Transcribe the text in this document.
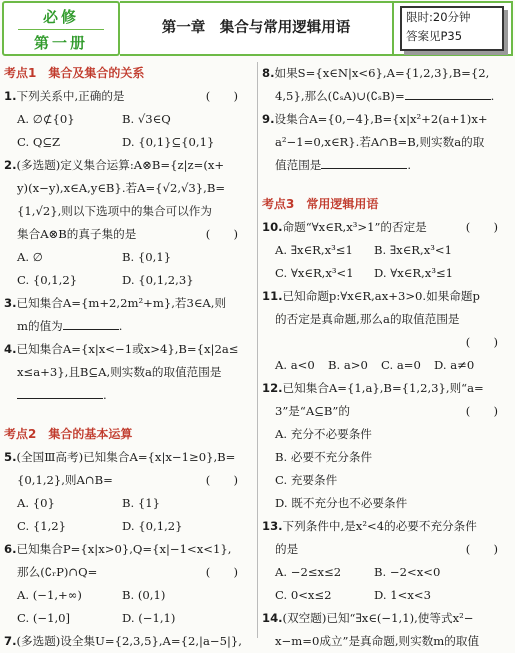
必修
第一册
第一章　集合与常用逻辑用语
限时:20分钟
答案见P35
考点1　集合及集合的关系
1.下列关系中,正确的是	(　　)
A. ∅⊄{0}	B. √3∈Q
C. Q⊆Z	D. {0,1}⊆{0,1}
2.(多选题)定义集合运算:A⊗B={z|z=(x+
y)(x−y),x∈A,y∈B}.若A={√2,√3},B=
{1,√2},则以下选项中的集合可以作为
集合A⊗B的真子集的是	(　　)
A. ∅	B. {0,1}
C. {0,1,2}	D. {0,1,2,3}
3.已知集合A={m+2,2m²+m},若3∈A,则
m的值为	.
4.已知集合A={x|x<−1或x>4},B={x|2a≤
x≤a+3},且B⊆A,则实数a的取值范围是
.
考点2　集合的基本运算
5.(全国Ⅲ高考)已知集合A={x|x−1≥0},B=
{0,1,2},则A∩B=	(　　)
A. {0}	B. {1}
C. {1,2}	D. {0,1,2}
6.已知集合P={x|x>0},Q={x|−1<x<1},
那么(∁ᵣP)∩Q=	(　　)
A. (−1,+∞)	B. (0,1)
C. (−1,0]	D. (−1,1)
7.(多选题)设全集U={2,3,5},A={2,|a−5|},
8.如果S={x∈N|x<6},A={1,2,3},B={2,
4,5},那么(∁ₛA)∪(∁ₛB)=	.
9.设集合A={0,−4},B={x|x²+2(a+1)x+
a²−1=0,x∈R}.若A∩B=B,则实数a的取
值范围是	.
考点3　常用逻辑用语
10.命题“∀x∈R,x³>1”的否定是	(　　)
A. ∃x∈R,x³≤1 B. ∃x∈R,x³<1
C. ∀x∈R,x³<1 D. ∀x∈R,x³≤1
11.已知命题p:∀x∈R,ax+3>0.如果命题p
的否定是真命题,那么a的取值范围是
(　　)
A. a<0 B. a>0 C. a=0 D. a≠0
12.已知集合A={1,a},B={1,2,3},则“a=
3”是“A⊆B”的	(　　)
A. 充分不必要条件
B. 必要不充分条件
C. 充要条件
D. 既不充分也不必要条件
13.下列条件中,是x²<4的必要不充分条件
的是	(　　)
A. −2≤x≤2	B. −2<x<0
C. 0<x≤2	D. 1<x<3
14.(双空题)已知“∃x∈(−1,1),使等式x²−
x−m=0成立”是真命题,则实数m的取值
